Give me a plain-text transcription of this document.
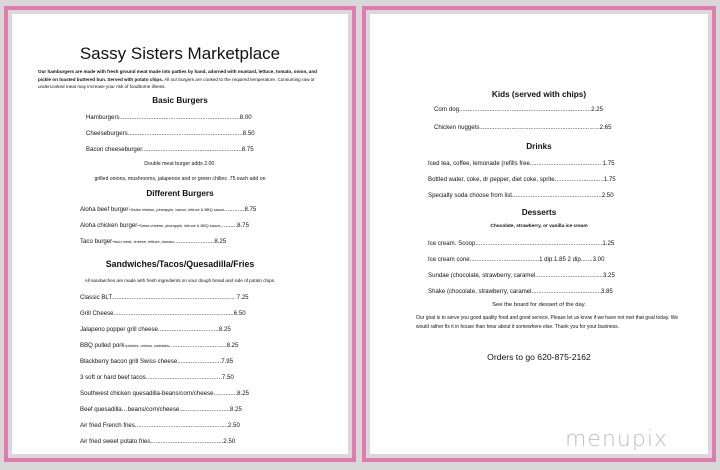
Sassy Sisters Marketplace
Our hamburgers are made with fresh ground meat made into patties by hand, adorned with mustard, lettuce, tomato, onion, and pickle on toasted buttered bun. Served with potato chips. All our burgers are cooked to the required temperature. Consuming raw or undercooked meat may increase your risk of foodborne illness.
Basic Burgers
Hamburgers.......................................................................8.00
Cheeseburgers....................................................................8.50
Bacon cheeseburger...........................................................8.75
Double meat burger adds 2.00.
grilled onions, mushrooms, jalapenos and or green chilies .75 each add on
Different Burgers
Aloha beef burger-Swiss cheese, pineapple, bacon, lettuce & BBQ sauce............8.75
Aloha chicken burger-Swiss cheese, pineapple, lettuce & BBQ sauce..........8.75
Taco burger-taco meat, cheese, lettuce, tomato........................8.25
Sandwiches/Tacos/Quesadilla/Fries
All sandwiches are made with fresh ingredients on sour dough bread and side of potato chips.
Classic BLT......................................................................... 7.25
Grill Cheese.......................................................................6.50
Jalapeno popper grill cheese....................................8.25
BBQ pulled pork-pickles, onions, coleslaw..................................8.25
Blackberry bacon grill Swiss cheese..........................7.95
3 soft or hard beef tacos.............................................7.50
Southwest chicken quesadilla-beans/corn/cheese..............8.25
Beef quesadilla…beans/corn/cheese..............................8.25
Air fried French fries.......................................................2.50
Air fried sweet potato fries...........................................2.50
Kids (served with chips)
Corn dog..............................................................................2.25
Chicken nuggets.......................................................................2.65
Drinks
Iced tea, coffee, lemonade (refills free.......................................... 1.75
Bottled water, coke, dr pepper, diet coke, sprite.............................1.75
Specialty soda choose from list.....................................................2.50
Desserts
Chocolate, strawberry, or vanilla ice cream
Ice cream. Scoop...........................................................................1.25
Ice cream cone.........................................1 dip.1.85 2 dip.......3.00
Sundae (chocolate, strawberry, caramel........................................3.25
Shake (chocolate, strawberry, caramel.........................................3.85
See the board for dessert of the day.
Our goal is to serve you good quality food and good service. Please let us know if we have not met that goal today. We would rather fix it in house than hear about it somewhere else. Thank you for your business.
Orders to go 620-875-2162
menupix
